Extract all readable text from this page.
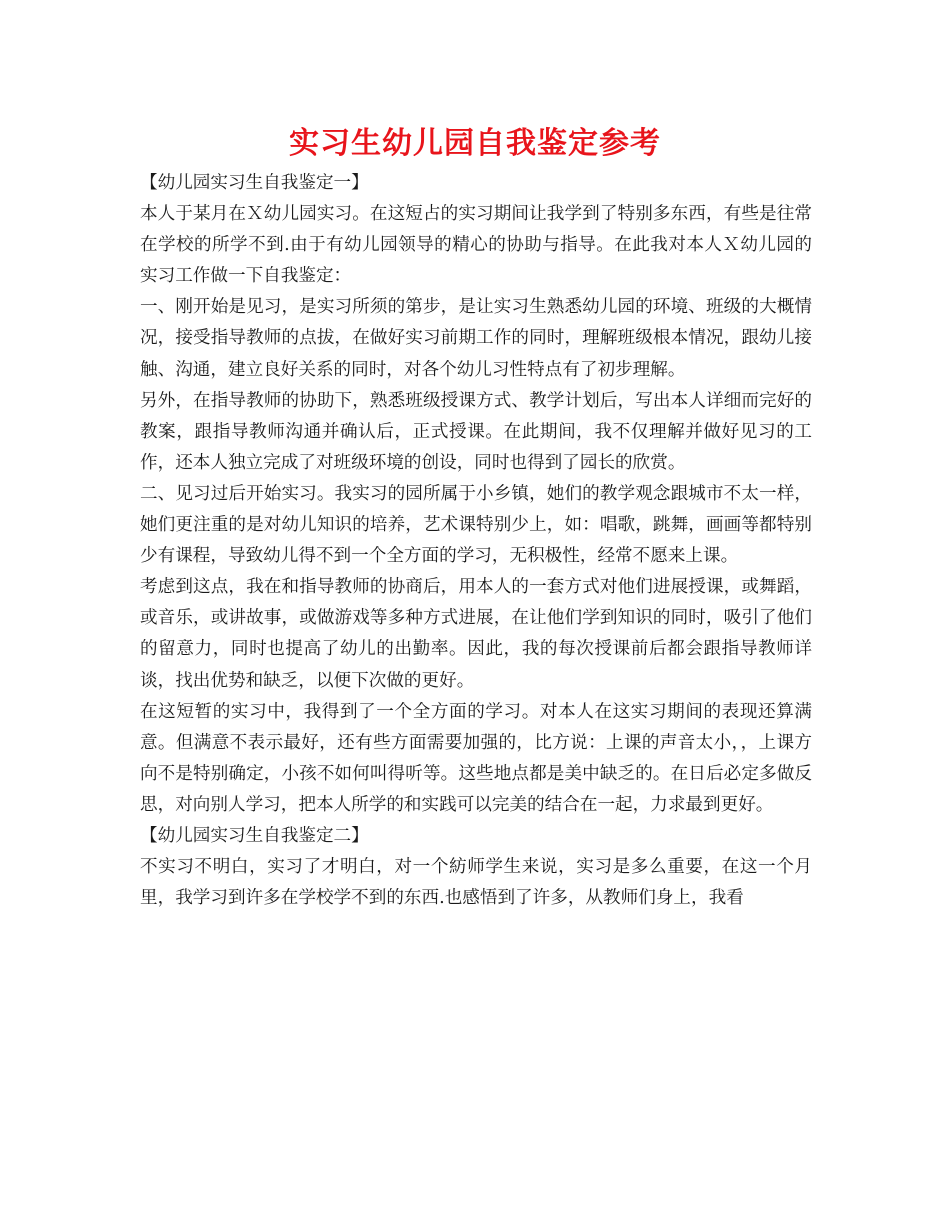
实习生幼儿园自我鉴定参考

【幼儿园实习生自我鉴定一】

本人于某月在Ｘ幼儿园实习。在这短占的实习期间让我学到了特别多东西，有些是往常在学校的所学不到.由于有幼儿园领导的精心的协助与指导。在此我对本人Ｘ幼儿园的实习工作做一下自我鉴定：

一、刚开始是见习，是实习所须的第步，是让实习生熟悉幼儿园的环境、班级的大概情况，接受指导教师的点拔，在做好实习前期工作的同时，理解班级根本情况，跟幼儿接触、沟通，建立良好关系的同时，对各个幼儿习性特点有了初步理解。

另外，在指导教师的协助下，熟悉班级授课方式、教学计划后，写出本人详细而完好的教案，跟指导教师沟通并确认后，正式授课。在此期间，我不仅理解并做好见习的工作，还本人独立完成了对班级环境的创设，同时也得到了园长的欣赏。

二、见习过后开始实习。我实习的园所属于小乡镇，她们的教学观念跟城市不太一样，她们更注重的是对幼儿知识的培养，艺术课特别少上，如：唱歌，跳舞，画画等都特别少有课程，导致幼儿得不到一个全方面的学习，无积极性，经常不愿来上课。

考虑到这点，我在和指导教师的协商后，用本人的一套方式对他们进展授课，或舞蹈，或音乐，或讲故事，或做游戏等多种方式进展，在让他们学到知识的同时，吸引了他们的留意力，同时也提高了幼儿的出勤率。因此，我的每次授课前后都会跟指导教师详谈，找出优势和缺乏，以便下次做的更好。

在这短暂的实习中，我得到了一个全方面的学习。对本人在这实习期间的表现还算满意。但满意不表示最好，还有些方面需要加强的，比方说：上课的声音太小，，上课方向不是特别确定，小孩不如何叫得听等。这些地点都是美中缺乏的。在日后必定多做反思，对向别人学习，把本人所学的和实践可以完美的结合在一起，力求最到更好。

【幼儿园实习生自我鉴定二】

不实习不明白，实习了才明白，对一个紡师学生来说，实习是多么重要，在这一个月里，我学习到许多在学校学不到的东西.也感悟到了许多，从教师们身上，我看
